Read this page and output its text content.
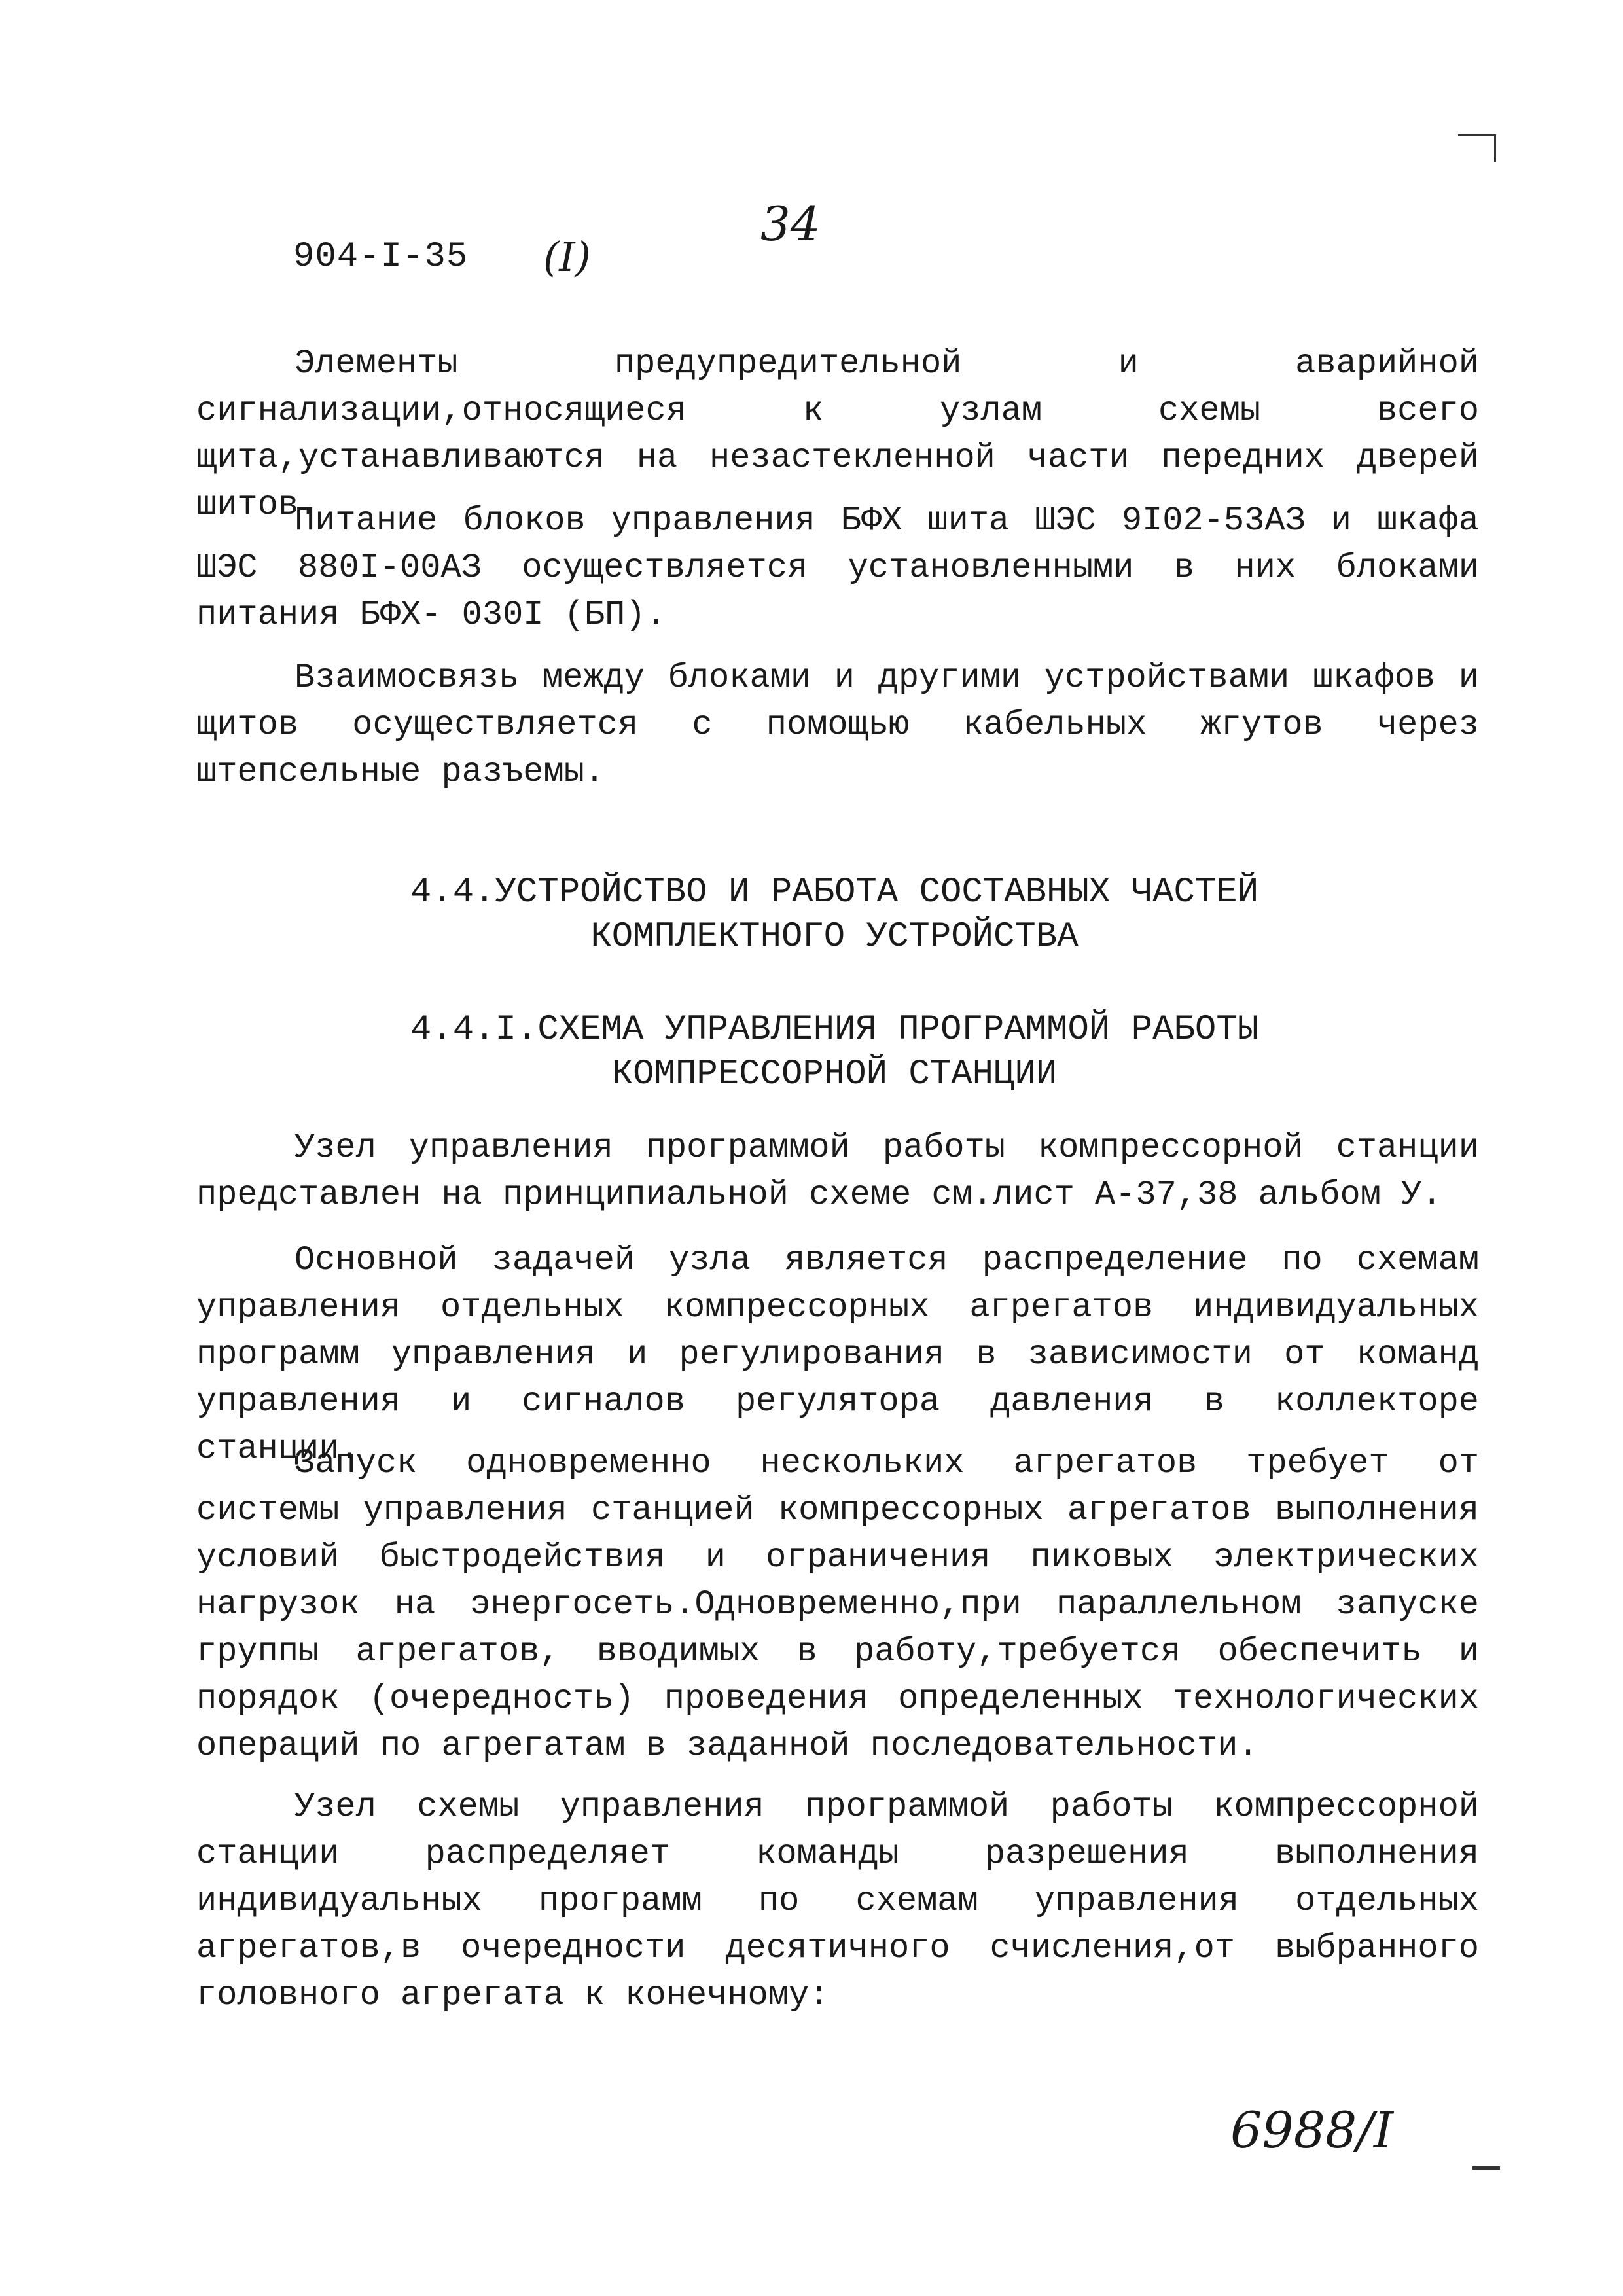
904-I-35 (I)
34

Элементы предупредительной и аварийной сигнализации,относящиеся к узлам схемы всего щита,устанавливаются на незастекленной части передних дверей шитов.

Питание блоков управления БФХ шита ШЭС 9I02-53АЗ и шкафа ШЭС 880I-00АЗ осуществляется установленными в них блоками питания БФХ- 030I (БП).

Взаимосвязь между блоками и другими устройствами шкафов и щитов осуществляется с помощью кабельных жгутов через штепсельные разъемы.

4.4.УСТРОЙСТВО И РАБОТА СОСТАВНЫХ ЧАСТЕЙ
КОМПЛЕКТНОГО УСТРОЙСТВА
4.4.I.СХЕМА УПРАВЛЕНИЯ ПРОГРАММОЙ РАБОТЫ
КОМПРЕССОРНОЙ СТАНЦИИ

Узел управления программой работы компрессорной станции представлен на принципиальной схеме см.лист А-37,38 альбом У.

Основной задачей узла является распределение по схемам управления отдельных компрессорных агрегатов индивидуальных программ управления и регулирования в зависимости от команд управления и сигналов регулятора давления в коллекторе станции.

Запуск одновременно нескольких агрегатов требует от системы управления станцией компрессорных агрегатов выполнения условий быстродействия и ограничения пиковых электрических нагрузок на энергосеть.Одновременно,при параллельном запуске группы агрегатов, вводимых в работу,требуется обеспечить и порядок (очередность) проведения определенных технологических операций по агрегатам в заданной последовательности.

Узел схемы управления программой работы компрессорной станции распределяет команды разрешения выполнения индивидуальных программ по схемам управления отдельных агрегатов,в очередности десятичного счисления,от выбранного головного агрегата к конечному:

6988/I
